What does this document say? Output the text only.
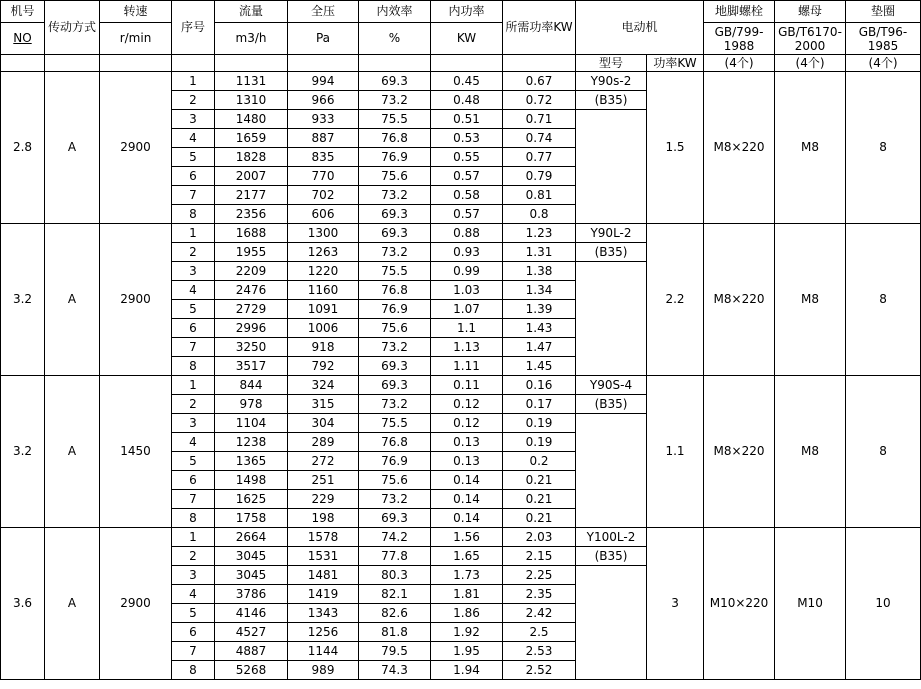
机号	传动方式	转速	序号	流量	全压	内效率	内功率	所需功率KW	电动机		地脚螺栓	螺母	垫圈
NO		r/min		m3/h	Pa	%	KW				GB/799-1988	GB/T6170-2000	GB/T96-1985
									型号	功率KW	(4个)	(4个)	(4个)
2.8	A	2900	1	1131	994	69.3	0.45	0.67	Y90s-2	1.5	M8×220	M8	8
			2	1310	966	73.2	0.48	0.72	(B35)				
			3	1480	933	75.5	0.51	0.71					
			4	1659	887	76.8	0.53	0.74					
			5	1828	835	76.9	0.55	0.77					
			6	2007	770	75.6	0.57	0.79					
			7	2177	702	73.2	0.58	0.81					
			8	2356	606	69.3	0.57	0.8					
3.2	A	2900	1	1688	1300	69.3	0.88	1.23	Y90L-2	2.2	M8×220	M8	8
			2	1955	1263	73.2	0.93	1.31	(B35)				
			3	2209	1220	75.5	0.99	1.38					
			4	2476	1160	76.8	1.03	1.34					
			5	2729	1091	76.9	1.07	1.39					
			6	2996	1006	75.6	1.1	1.43					
			7	3250	918	73.2	1.13	1.47					
			8	3517	792	69.3	1.11	1.45					
3.2	A	1450	1	844	324	69.3	0.11	0.16	Y90S-4	1.1	M8×220	M8	8
			2	978	315	73.2	0.12	0.17	(B35)				
			3	1104	304	75.5	0.12	0.19					
			4	1238	289	76.8	0.13	0.19					
			5	1365	272	76.9	0.13	0.2					
			6	1498	251	75.6	0.14	0.21					
			7	1625	229	73.2	0.14	0.21					
			8	1758	198	69.3	0.14	0.21					
3.6	A	2900	1	2664	1578	74.2	1.56	2.03	Y100L-2	3	M10×220	M10	10
			2	3045	1531	77.8	1.65	2.15	(B35)				
			3	3045	1481	80.3	1.73	2.25					
			4	3786	1419	82.1	1.81	2.35					
			5	4146	1343	82.6	1.86	2.42					
			6	4527	1256	81.8	1.92	2.5					
			7	4887	1144	79.5	1.95	2.53					
			8	5268	989	74.3	1.94	2.52					
